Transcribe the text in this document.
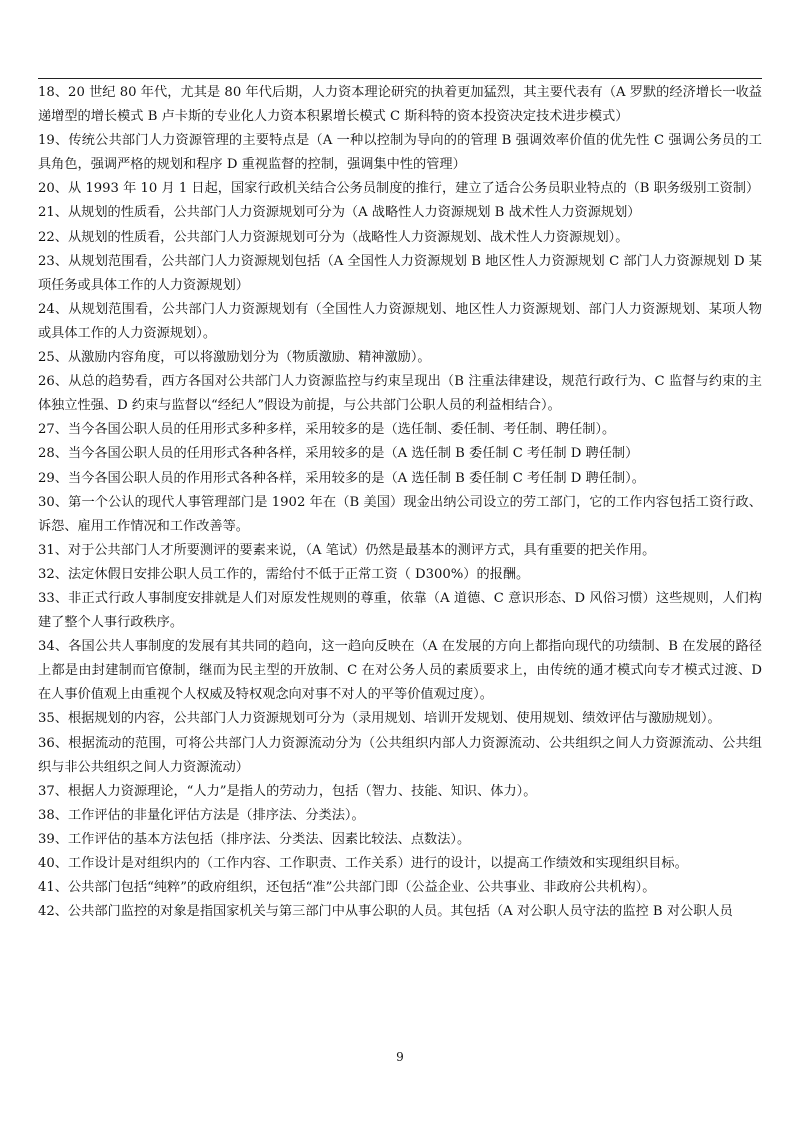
18、20 世纪 80 年代，尤其是 80 年代后期，人力资本理论研究的执着更加猛烈，其主要代表有（A 罗默的经济增长一收益递增型的增长模式 B 卢卡斯的专业化人力资本积累增长模式 C 斯科特的资本投资决定技术进步模式）

19、传统公共部门人力资源管理的主要特点是（A 一种以控制为导向的的管理 B 强调效率价值的优先性 C 强调公务员的工具角色，强调严格的规划和程序 D 重视监督的控制，强调集中性的管理）

20、从 1993 年 10 月 1 日起，国家行政机关结合公务员制度的推行，建立了适合公务员职业特点的（B 职务级别工资制）

21、从规划的性质看，公共部门人力资源规划可分为（A 战略性人力资源规划 B 战术性人力资源规划）

22、从规划的性质看，公共部门人力资源规划可分为（战略性人力资源规划、战术性人力资源规划）。

23、从规划范围看，公共部门人力资源规划包括（A 全国性人力资源规划 B 地区性人力资源规划 C 部门人力资源规划 D 某项任务或具体工作的人力资源规划）

24、从规划范围看，公共部门人力资源规划有（全国性人力资源规划、地区性人力资源规划、部门人力资源规划、某项人物或具体工作的人力资源规划）。

25、从激励内容角度，可以将激励划分为（物质激励、精神激励）。

26、从总的趋势看，西方各国对公共部门人力资源监控与约束呈现出（B 注重法律建设，规范行政行为、C 监督与约束的主体独立性强、D 约束与监督以“经纪人”假设为前提，与公共部门公职人员的利益相结合）。

27、当今各国公职人员的任用形式多种多样，采用较多的是（选任制、委任制、考任制、聘任制）。

28、当今各国公职人员的任用形式各种各样，采用较多的是（A 选任制 B 委任制 C 考任制 D 聘任制）

29、当今各国公职人员的作用形式各种各样，采用较多的是（A 选任制 B 委任制 C 考任制 D 聘任制）。

30、第一个公认的现代人事管理部门是 1902 年在（B 美国）现金出纳公司设立的劳工部门，它的工作内容包括工资行政、诉怨、雇用工作情况和工作改善等。

31、对于公共部门人才所要测评的要素来说，（A 笔试）仍然是最基本的测评方式，具有重要的把关作用。

32、法定休假日安排公职人员工作的，需给付不低于正常工资（ D300%）的报酬。

33、非正式行政人事制度安排就是人们对原发性规则的尊重，依靠（A 道德、C 意识形态、D 风俗习惯）这些规则，人们构建了整个人事行政秩序。

34、各国公共人事制度的发展有其共同的趋向，这一趋向反映在（A 在发展的方向上都指向现代的功绩制、B 在发展的路径上都是由封建制而官僚制，继而为民主型的开放制、C 在对公务人员的素质要求上，由传统的通才模式向专才模式过渡、D 在人事价值观上由重视个人权威及特权观念向对事不对人的平等价值观过度）。

35、根据规划的内容，公共部门人力资源规划可分为（录用规划、培训开发规划、使用规划、绩效评估与激励规划）。

36、根据流动的范围，可将公共部门人力资源流动分为（公共组织内部人力资源流动、公共组织之间人力资源流动、公共组织与非公共组织之间人力资源流动）

37、根据人力资源理论，“人力”是指人的劳动力，包括（智力、技能、知识、体力）。

38、工作评估的非量化评估方法是（排序法、分类法）。

39、工作评估的基本方法包括（排序法、分类法、因素比较法、点数法）。

40、工作设计是对组织内的（工作内容、工作职责、工作关系）进行的设计，以提高工作绩效和实现组织目标。

41、公共部门包括“纯粹”的政府组织，还包括“准”公共部门即（公益企业、公共事业、非政府公共机构）。

42、公共部门监控的对象是指国家机关与第三部门中从事公职的人员。其包括（A 对公职人员守法的监控 B 对公职人员

9
